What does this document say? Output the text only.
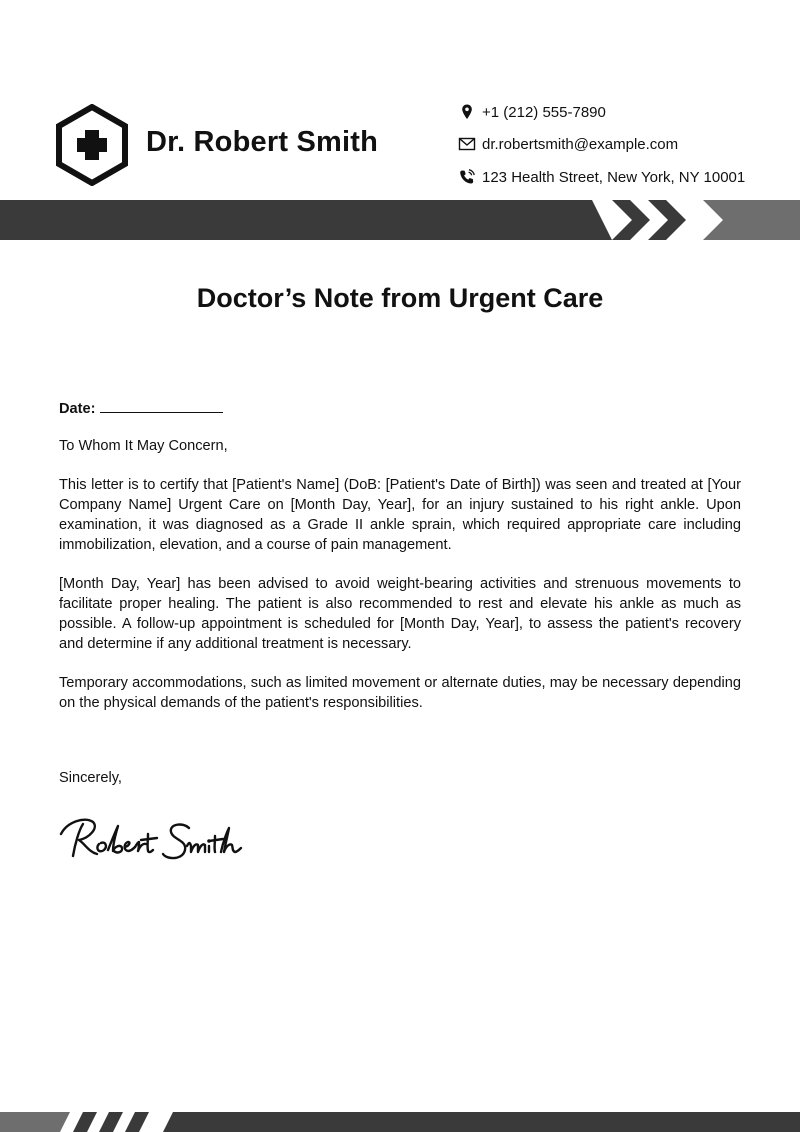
Dr. Robert Smith
+1 (212) 555-7890
dr.robertsmith@example.com
123 Health Street, New York, NY 10001
Doctor’s Note from Urgent Care

Date:

To Whom It May Concern,

This letter is to certify that [Patient's Name] (DoB: [Patient's Date of Birth]) was seen and treated at [Your Company Name] Urgent Care on [Month Day, Year], for an injury sustained to his right ankle. Upon examination, it was diagnosed as a Grade II ankle sprain, which required appropriate care including immobilization, elevation, and a course of pain management.

[Month Day, Year] has been advised to avoid weight-bearing activities and strenuous movements to facilitate proper healing. The patient is also recommended to rest and elevate his ankle as much as possible. A follow-up appointment is scheduled for [Month Day, Year], to assess the patient's recovery and determine if any additional treatment is necessary.

Temporary accommodations, such as limited movement or alternate duties, may be necessary depending on the physical demands of the patient's responsibilities.

Sincerely,
